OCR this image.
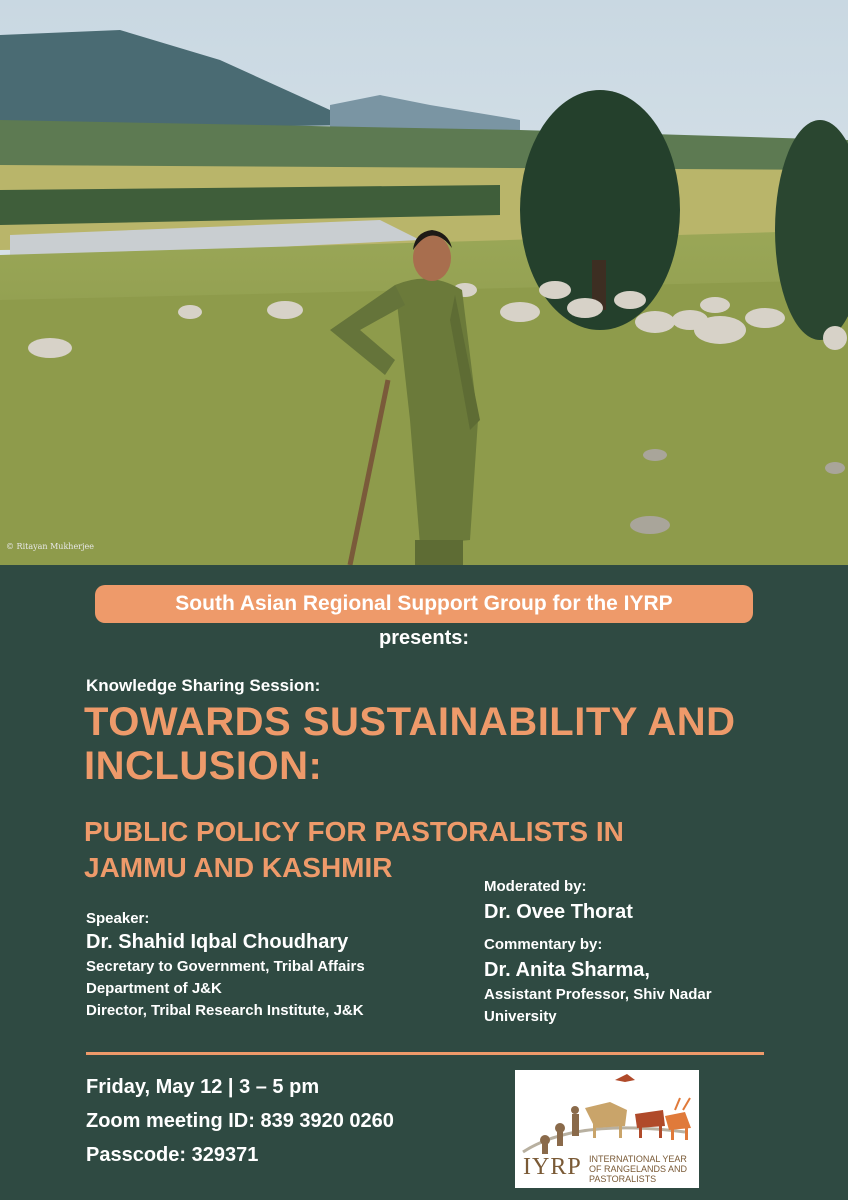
© Ritayan Mukherjee
South Asian Regional Support Group for the IYRP
presents:
Knowledge Sharing Session:
TOWARDS SUSTAINABILITY AND INCLUSION:
PUBLIC POLICY FOR PASTORALISTS IN JAMMU AND KASHMIR
Speaker:
Dr. Shahid Iqbal Choudhary
Secretary to Government, Tribal Affairs
Department of J&K
Director, Tribal Research Institute, J&K
Moderated by:
Dr. Ovee Thorat
Commentary by:
Dr. Anita Sharma,
Assistant Professor, Shiv Nadar
University
Friday, May 12 | 3 – 5 pm
Zoom meeting ID: 839 3920 0260
Passcode: 329371	IYRP INTERNATIONAL YEAR OF RANGELANDS AND PASTORALISTS
